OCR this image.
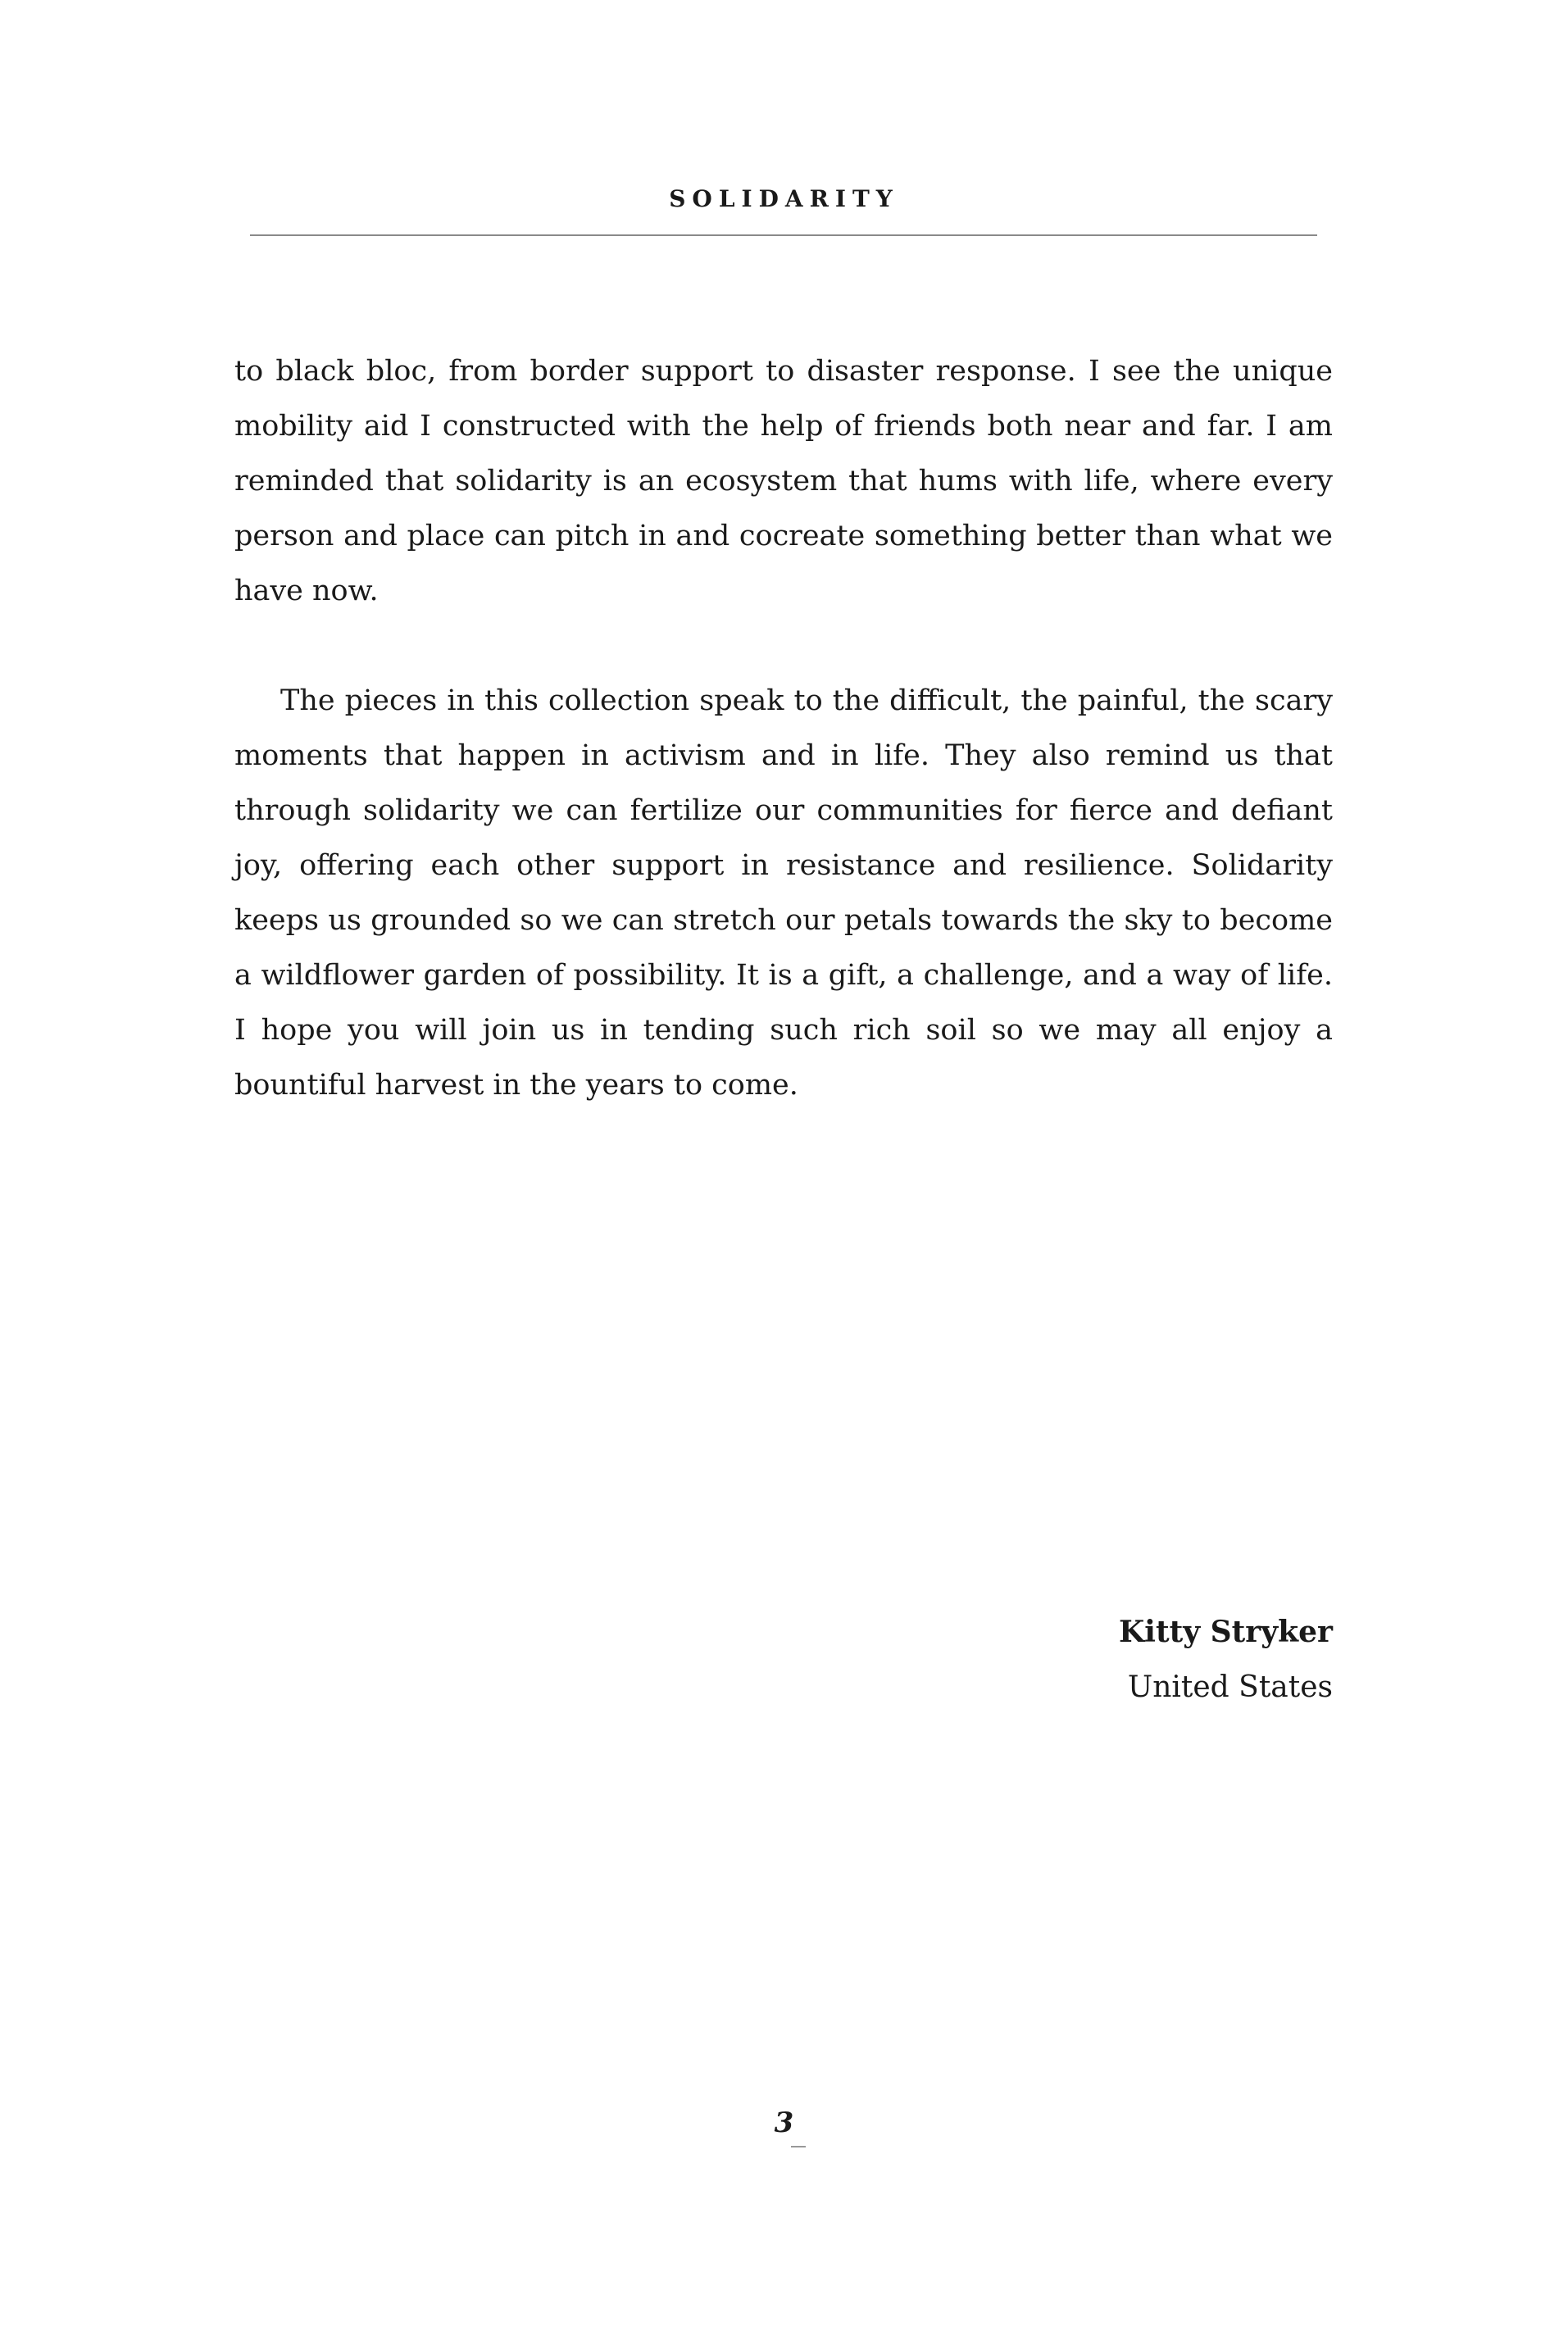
SOLIDARITY

to black bloc, from border support to disaster response. I see the unique mobility aid I constructed with the help of friends both near and far. I am reminded that solidarity is an ecosystem that hums with life, where every person and place can pitch in and cocreate something better than what we have now.

The pieces in this collection speak to the difficult, the painful, the scary moments that happen in activism and in life. They also remind us that through solidarity we can fertilize our communities for fierce and defiant joy, offering each other support in resistance and resilience. Solidarity keeps us grounded so we can stretch our petals towards the sky to become a wildflower garden of possibility. It is a gift, a challenge, and a way of life. I hope you will join us in tending such rich soil so we may all enjoy a bountiful harvest in the years to come.

Kitty Stryker
United States
3
